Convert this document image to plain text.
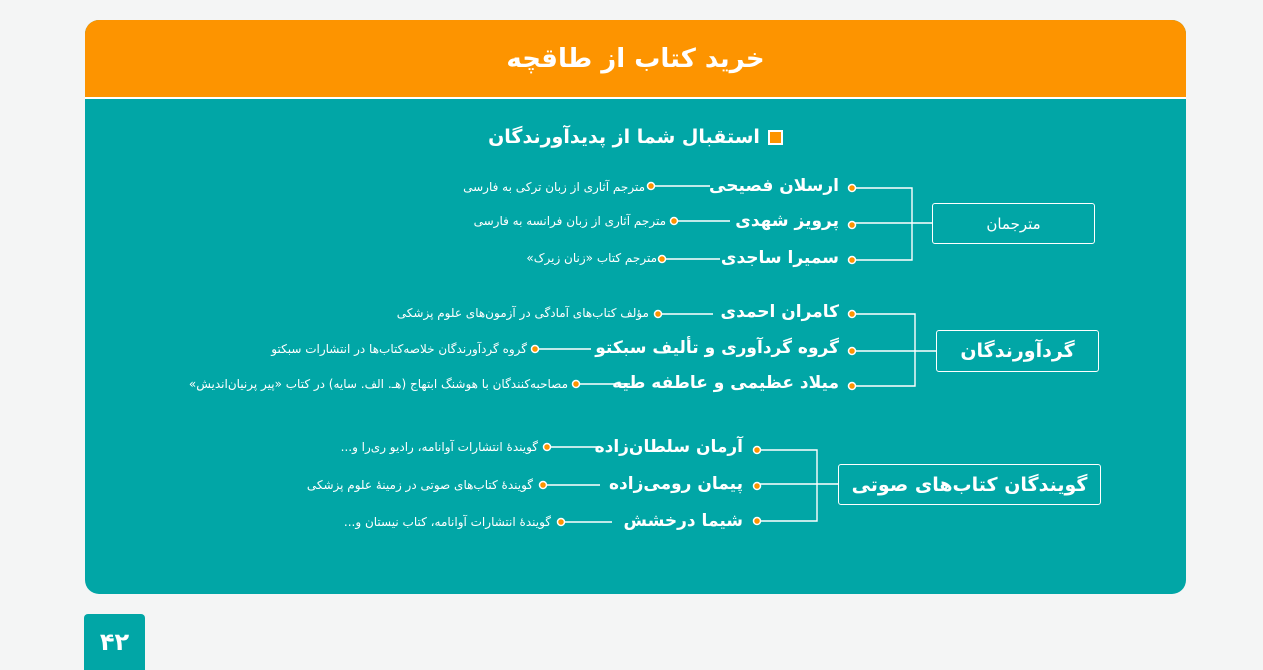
خرید کتاب از طاقچه
استقبال شما از پدیدآورندگان
مترجمان
گردآورندگان
گویندگان کتاب‌های صوتی
ارسلان فصیحی
مترجم آثاری از زبان ترکی به فارسی
پرویز شهدی
مترجم آثاری از زبان فرانسه به فارسی
سمیرا ساجدی
مترجم کتاب «زنان زیرک»
کامران احمدی
مؤلف کتاب‌های آمادگی در آزمون‌های علوم پزشکی
گروه گردآوری و تألیف سبکتو
گروه گردآورندگان خلاصه‌کتاب‌ها در انتشارات سبکتو
میلاد عظیمی و عاطفه طیه
مصاحبه‌کنندگان با هوشنگ ابتهاج (هـ. الف. سایه) در کتاب «پیر پرنیان‌اندیش»
آرمان سلطان‌زاده
گویندۀ انتشارات آوانامه، رادیو ری‌را و...
پیمان رومی‌زاده
گویندۀ کتاب‌های صوتی در زمینۀ علوم پزشکی
شیما درخشش
گویندۀ انتشارات آوانامه، کتاب نیستان و...
۴۲
